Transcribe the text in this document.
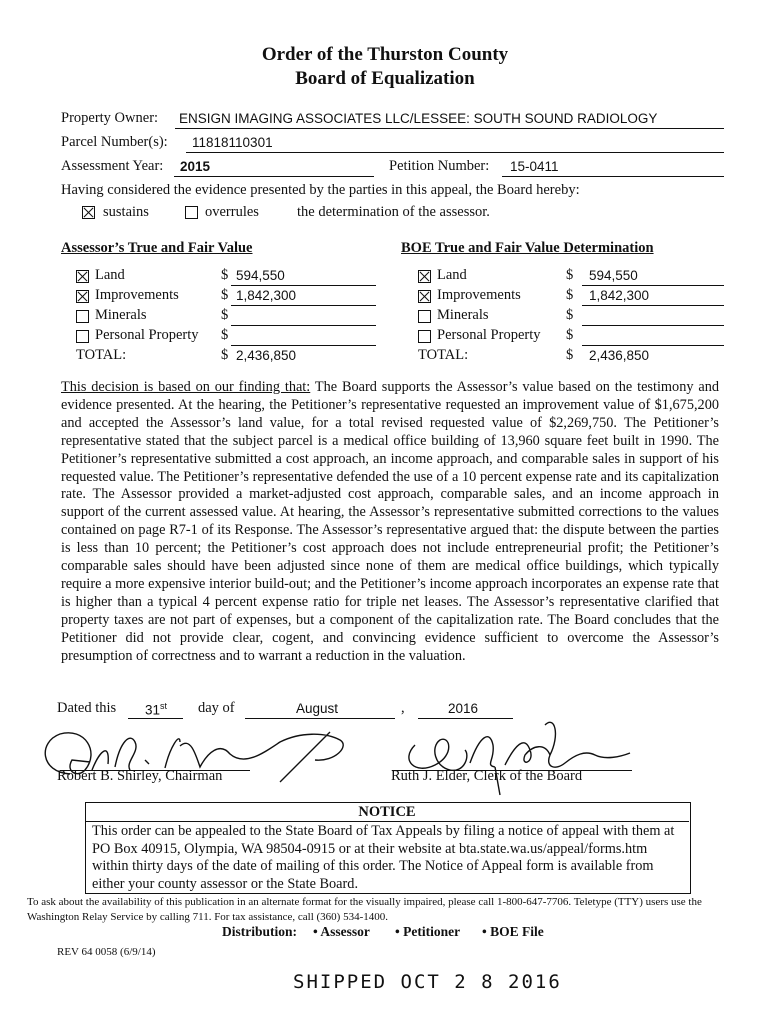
Order of the Thurston County
Board of Equalization
Property Owner: ENSIGN IMAGING ASSOCIATES LLC/LESSEE: SOUTH SOUND RADIOLOGY
Parcel Number(s): 11818110301
Assessment Year: 2015	Petition Number: 15-0411
Having considered the evidence presented by the parties in this appeal, the Board hereby:
sustains	overrules	the determination of the assessor.
Assessor’s True and Fair Value	BOE True and Fair Value Determination
Land	$ 594,550
Improvements	$ 1,842,300
Minerals	$
Personal Property $
TOTAL:	$ 2,436,850
Land	$ 594,550
Improvements	$ 1,842,300
Minerals	$
Personal Property $
TOTAL:	$ 2,436,850
This decision is based on our finding that: The Board supports the Assessor’s value based on the testimony and evidence presented. At the hearing, the Petitioner’s representative requested an improvement value of $1,675,200 and accepted the Assessor’s land value, for a total revised requested value of $2,269,750. The Petitioner’s representative stated that the subject parcel is a medical office building of 13,960 square feet built in 1990. The Petitioner’s representative submitted a cost approach, an income approach, and comparable sales in support of his requested value. The Petitioner’s representative defended the use of a 10 percent expense rate and its capitalization rate. The Assessor provided a market-adjusted cost approach, comparable sales, and an income approach in support of the current assessed value. At hearing, the Assessor’s representative submitted corrections to the values contained on page R7-1 of its Response. The Assessor’s representative argued that: the dispute between the parties is less than 10 percent; the Petitioner’s cost approach does not include entrepreneurial profit; the Petitioner’s comparable sales should have been adjusted since none of them are medical office buildings, which typically require a more expensive interior build-out; and the Petitioner’s income approach incorporates an expense rate that is higher than a typical 4 percent expense ratio for triple net leases. The Assessor’s representative clarified that property taxes are not part of expenses, but a component of the capitalization rate. The Board concludes that the Petitioner did not provide clear, cogent, and convincing evidence sufficient to overcome the Assessor’s presumption of correctness and to warrant a reduction in the valuation.
Dated this 31st day of	August	,	2016
Robert B. Shirley, Chairman	Ruth J. Elder, Clerk of the Board
NOTICE
This order can be appealed to the State Board of Tax Appeals by filing a notice of appeal with them at PO Box 40915, Olympia, WA 98504-0915 or at their website at bta.state.wa.us/appeal/forms.htm within thirty days of the date of mailing of this order. The Notice of Appeal form is available from either your county assessor or the State Board.
To ask about the availability of this publication in an alternate format for the visually impaired, please call 1-800-647-7706. Teletype (TTY) users use the Washington Relay Service by calling 711. For tax assistance, call (360) 534-1400.
Distribution: • Assessor • Petitioner • BOE File
REV 64 0058 (6/9/14)
SHIPPED OCT 2 8 2016
